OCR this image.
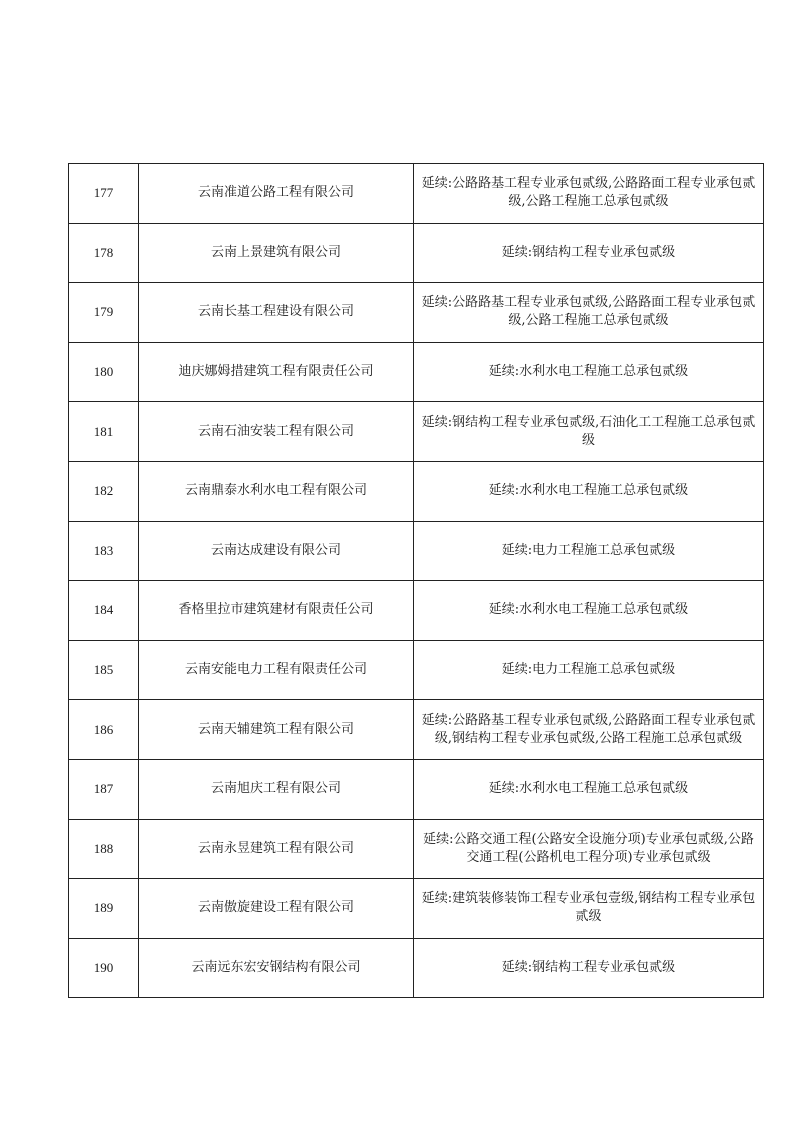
177	云南准道公路工程有限公司	延续:公路路基工程专业承包贰级,公路路面工程专业承包贰级,公路工程施工总承包贰级
178	云南上景建筑有限公司	延续:钢结构工程专业承包贰级
179	云南长基工程建设有限公司	延续:公路路基工程专业承包贰级,公路路面工程专业承包贰级,公路工程施工总承包贰级
180	迪庆娜姆措建筑工程有限责任公司	延续:水利水电工程施工总承包贰级
181	云南石油安装工程有限公司	延续:钢结构工程专业承包贰级,石油化工工程施工总承包贰级
182	云南鼎泰水利水电工程有限公司	延续:水利水电工程施工总承包贰级
183	云南达成建设有限公司	延续:电力工程施工总承包贰级
184	香格里拉市建筑建材有限责任公司	延续:水利水电工程施工总承包贰级
185	云南安能电力工程有限责任公司	延续:电力工程施工总承包贰级
186	云南天辅建筑工程有限公司	延续:公路路基工程专业承包贰级,公路路面工程专业承包贰级,钢结构工程专业承包贰级,公路工程施工总承包贰级
187	云南旭庆工程有限公司	延续:水利水电工程施工总承包贰级
188	云南永昱建筑工程有限公司	延续:公路交通工程(公路安全设施分项)专业承包贰级,公路交通工程(公路机电工程分项)专业承包贰级
189	云南傲旋建设工程有限公司	延续:建筑装修装饰工程专业承包壹级,钢结构工程专业承包贰级
190	云南远东宏安钢结构有限公司	延续:钢结构工程专业承包贰级
